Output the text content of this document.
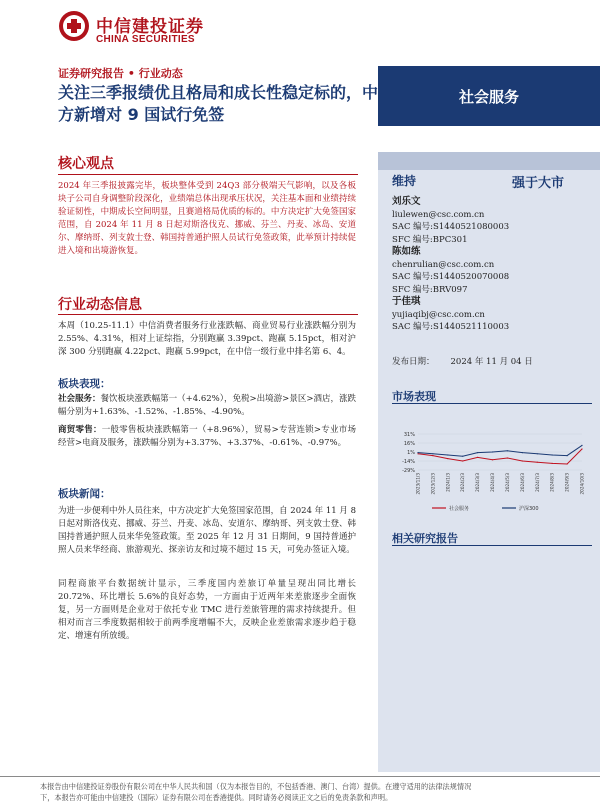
中信建投证券
CHINA SECURITIES
证券研究报告 • 行业动态
关注三季报绩优且格局和成长性稳定标的，中方新增对 9 国试行免签
社会服务
核心观点
2024 年三季报披露完毕，板块整体受到 24Q3 部分极端天气影响，以及各板块子公司自身调整阶段深化，业绩端总体出现承压状况，关注基本面和业绩持续验证韧性，中期成长空间明显，且赛道格局优质的标的。中方决定扩大免签国家范围，自 2024 年 11 月 8 日起对斯洛伐克、挪威、芬兰、丹麦、冰岛、安道尔、摩纳哥、列支敦士登、韩国持普通护照人员试行免签政策，此举预计持续促进入境和出境游恢复。
行业动态信息
本周（10.25-11.1）中信消费者服务行业涨跌幅、商业贸易行业涨跌幅分别为 2.55%、4.31%，相对上证综指，分别跑赢 3.39pct、跑赢 5.15pct，相对沪深 300 分别跑赢 4.22pct、跑赢 5.99pct，在中信一级行业中排名第 6、4。
板块表现：
社会服务：餐饮板块涨跌幅第一（+4.62%），免税>出境游>景区>酒店，涨跌幅分别为+1.63%、-1.52%、-1.85%、-4.90%。
商贸零售：一般零售板块涨跌幅第一（+8.96%），贸易>专营连锁>专业市场经营>电商及服务，涨跌幅分别为+3.37%、+3.37%、-0.61%、-0.97%。
板块新闻：
为进一步便利中外人员往来，中方决定扩大免签国家范围，自 2024 年 11 月 8 日起对斯洛伐克、挪威、芬兰、丹麦、冰岛、安道尔、摩纳哥、列支敦士登、韩国持普通护照人员来华免签政策。至 2025 年 12 月 31 日期间，9 国持普通护照人员来华经商、旅游观光、探亲访友和过境不超过 15 天，可免办签证入境。
同程商旅平台数据统计显示，三季度国内差旅订单量呈现出同比增长 20.72%、环比增长 5.6%的良好态势，一方面由于近两年来差旅逐步全面恢复，另一方面则是企业对于依托专业 TMC 进行差旅管理的需求持续提升。但相对而言三季度数据相较于前两季度增幅不大，反映企业差旅需求逐步趋于稳定、增速有所放缓。
维持	强于大市
刘乐文
liulewen@csc.com.cn
SAC 编号:S1440521080003
SFC 编号:BPC301
陈如练
chenrulian@csc.com.cn
SAC 编号:S1440520070008
SFC 编号:BRV097
于佳琪
yujiaqibj@csc.com.cn
SAC 编号:S1440521110003
发布日期： 2024 年 11 月 04 日
市场表现
31%
16%
1%
-14%
-29%
2023/11/3 2023/12/3 2024/1/3 2024/2/3 2024/3/3 2024/4/3 2024/5/3 2024/6/3 2024/7/3 2024/8/3 2024/9/3 2024/10/3
社会服务	沪深300
相关研究报告
本报告由中信建投证券股份有限公司在中华人民共和国（仅为本报告目的，不包括香港、澳门、台湾）提供。在遵守适用的法律法规情况
下，本报告亦可能由中信建投（国际）证券有限公司在香港提供。同时请务必阅读正文之后的免责条款和声明。
